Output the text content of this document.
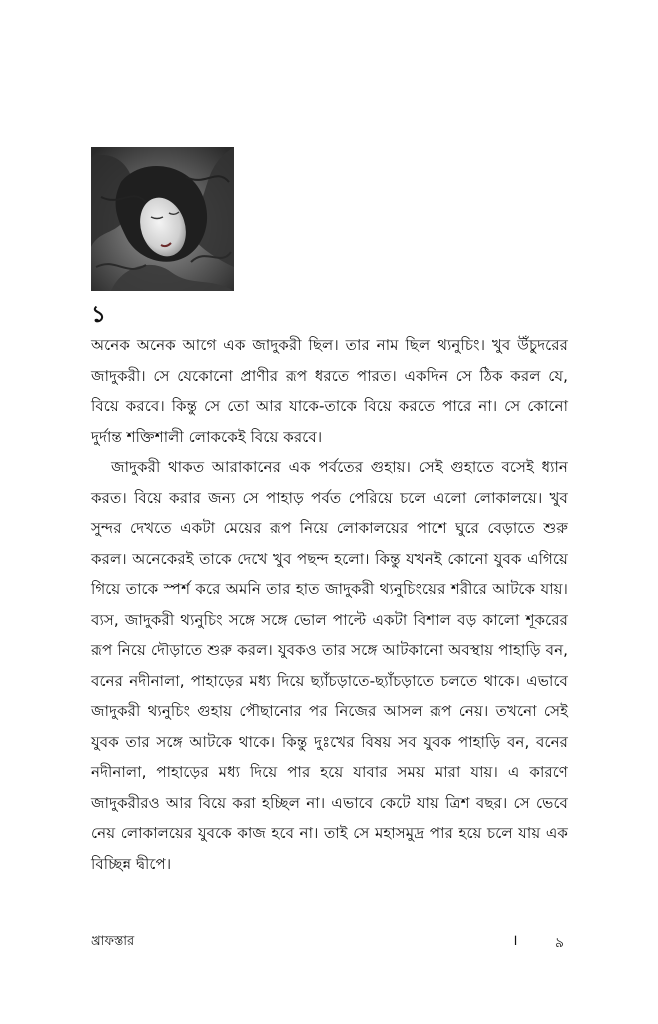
১

অনেক অনেক আগে এক জাদুকরী ছিল। তার নাম ছিল থ্যনুচিং। খুব উঁচুদরের জাদুকরী। সে যেকোনো প্রাণীর রূপ ধরতে পারত। একদিন সে ঠিক করল যে, বিয়ে করবে। কিন্তু সে তো আর যাকে-তাকে বিয়ে করতে পারে না। সে কোনো দুর্দান্ত শক্তিশালী লোককেই বিয়ে করবে।

জাদুকরী থাকত আরাকানের এক পর্বতের গুহায়। সেই গুহাতে বসেই ধ্যান করত। বিয়ে করার জন্য সে পাহাড় পর্বত পেরিয়ে চলে এলো লোকালয়ে। খুব সুন্দর দেখতে একটা মেয়ের রূপ নিয়ে লোকালয়ের পাশে ঘুরে বেড়াতে শুরু করল। অনেকেরই তাকে দেখে খুব পছন্দ হলো। কিন্তু যখনই কোনো যুবক এগিয়ে গিয়ে তাকে স্পর্শ করে অমনি তার হাত জাদুকরী থ্যনুচিংয়ের শরীরে আটকে যায়। ব্যস, জাদুকরী থ্যনুচিং সঙ্গে সঙ্গে ভোল পাল্টে একটা বিশাল বড় কালো শূকরের রূপ নিয়ে দৌড়াতে শুরু করল। যুবকও তার সঙ্গে আটকানো অবস্থায় পাহাড়ি বন, বনের নদীনালা, পাহাড়ের মধ্য দিয়ে ছ্যাঁচড়াতে-ছ্যাঁচড়াতে চলতে থাকে। এভাবে জাদুকরী থ্যনুচিং গুহায় পৌছানোর পর নিজের আসল রূপ নেয়। তখনো সেই যুবক তার সঙ্গে আটকে থাকে। কিন্তু দুঃখের বিষয় সব যুবক পাহাড়ি বন, বনের নদীনালা, পাহাড়ের মধ্য দিয়ে পার হয়ে যাবার সময় মারা যায়। এ কারণে জাদুকরীরও আর বিয়ে করা হচ্ছিল না। এভাবে কেটে যায় ত্রিশ বছর। সে ভেবে নেয় লোকালয়ের যুবকে কাজ হবে না। তাই সে মহাসমুদ্র পার হয়ে চলে যায় এক বিচ্ছিন্ন দ্বীপে।

খ্রাফস্তার	।	৯
